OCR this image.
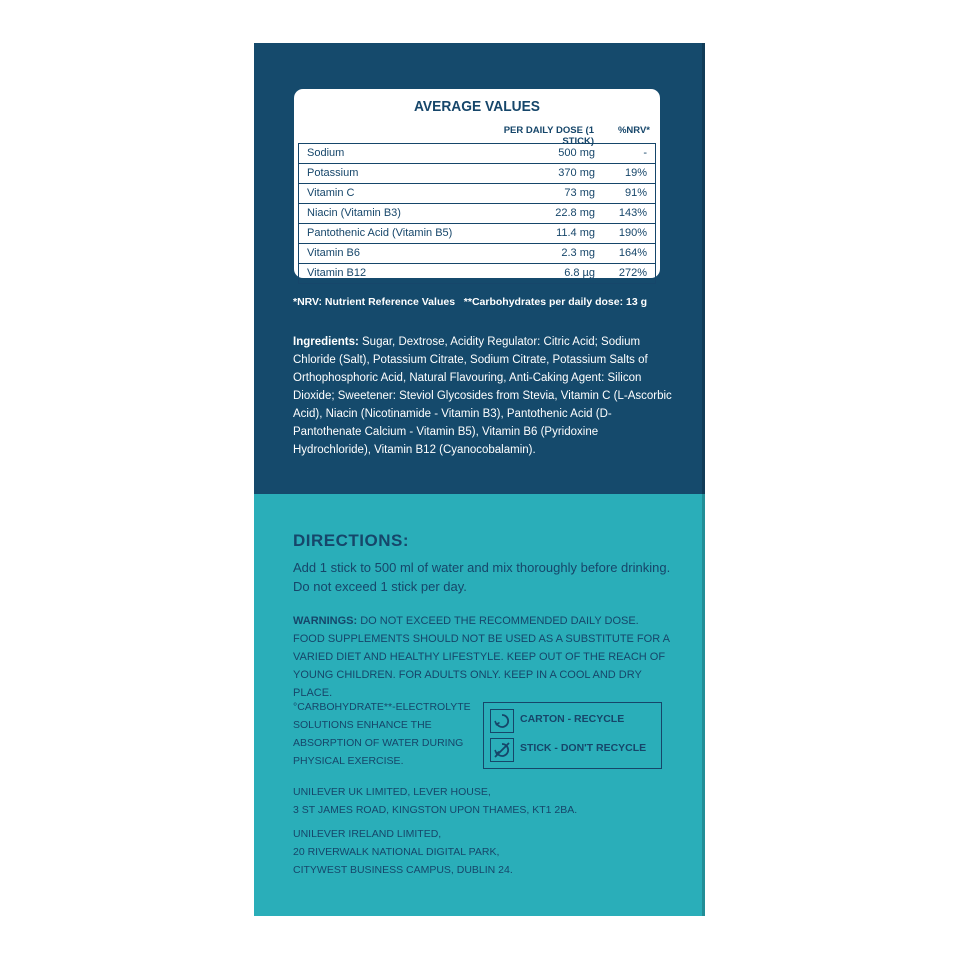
AVERAGE VALUES
PER DAILY DOSE (1 STICK)
%NRV*
Sodium	500 mg	-
Potassium	370 mg	19%
Vitamin C	73 mg	91%
Niacin (Vitamin B3)	22.8 mg 143%
Pantothenic Acid (Vitamin B5)	11.4 mg 190%
Vitamin B6	2.3 mg 164%
Vitamin B12	6.8 µg 272%
*NRV: Nutrient Reference Values   **Carbohydrates per daily dose: 13 g
Ingredients: Sugar, Dextrose, Acidity Regulator: Citric Acid; Sodium Chloride (Salt), Potassium Citrate, Sodium Citrate, Potassium Salts of Orthophosphoric Acid, Natural Flavouring, Anti-Caking Agent: Silicon Dioxide; Sweetener: Steviol Glycosides from Stevia, Vitamin C (L-Ascorbic Acid), Niacin (Nicotinamide - Vitamin B3), Pantothenic Acid (D-Pantothenate Calcium - Vitamin B5), Vitamin B6 (Pyridoxine Hydrochloride), Vitamin B12 (Cyanocobalamin).
DIRECTIONS:
Add 1 stick to 500 ml of water and mix thoroughly before drinking. Do not exceed 1 stick per day.
WARNINGS: DO NOT EXCEED THE RECOMMENDED DAILY DOSE. FOOD SUPPLEMENTS SHOULD NOT BE USED AS A SUBSTITUTE FOR A VARIED DIET AND HEALTHY LIFESTYLE. KEEP OUT OF THE REACH OF YOUNG CHILDREN. FOR ADULTS ONLY. KEEP IN A COOL AND DRY PLACE.
°CARBOHYDRATE**-ELECTROLYTE SOLUTIONS ENHANCE THE ABSORPTION OF WATER DURING PHYSICAL EXERCISE.
CARTON - RECYCLE
STICK - DON'T RECYCLE
UNILEVER UK LIMITED, LEVER HOUSE,
3 ST JAMES ROAD, KINGSTON UPON THAMES, KT1 2BA.
UNILEVER IRELAND LIMITED,
20 RIVERWALK NATIONAL DIGITAL PARK,
CITYWEST BUSINESS CAMPUS, DUBLIN 24.
